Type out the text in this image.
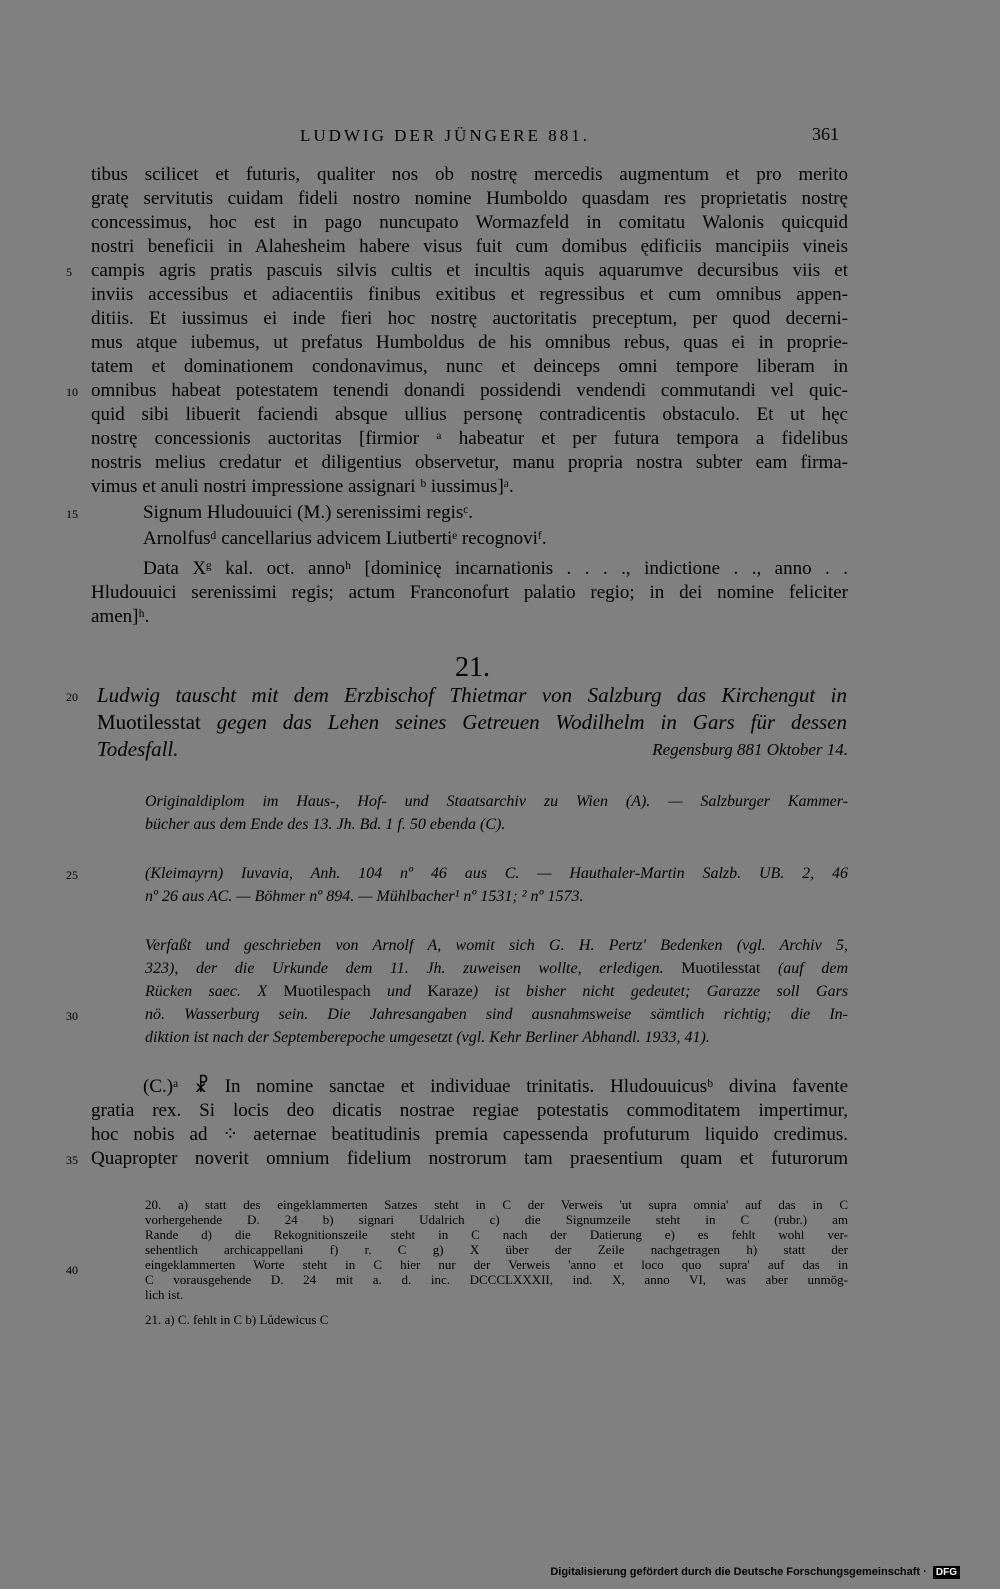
LUDWIG DER JÜNGERE 881.	361
tibus scilicet et futuris, qualiter nos ob nostrę mercedis augmentum et pro merito
gratę servitutis cuidam fideli nostro nomine Humboldo quasdam res proprietatis nostrę
concessimus, hoc est in pago nuncupato Wormazfeld in comitatu Walonis quicquid
nostri beneficii in Alahesheim habere visus fuit cum domibus ędificiis mancipiis vineis
campis agris pratis pascuis silvis cultis et incultis aquis aquarumve decursibus viis et
inviis accessibus et adiacentiis finibus exitibus et regressibus et cum omnibus appen-
ditiis. Et iussimus ei inde fieri hoc nostrę auctoritatis preceptum, per quod decerni-
mus atque iubemus, ut prefatus Humboldus de his omnibus rebus, quas ei in proprie-
tatem et dominationem condonavimus, nunc et deinceps omni tempore liberam in
omnibus habeat potestatem tenendi donandi possidendi vendendi commutandi vel quic-
quid sibi libuerit faciendi absque ullius personę contradicentis obstaculo. Et ut hęc
nostrę concessionis auctoritas [firmior ᵃ habeatur et per futura tempora a fidelibus
nostris melius credatur et diligentius observetur, manu propria nostra subter eam firma-
vimus et anuli nostri impressione assignari ᵇ iussimus]ᵃ.
Signum Hludouuici (M.) serenissimi regisᶜ.
Arnolfusᵈ cancellarius advicem Liutbertiᵉ recognoviᶠ.
Data Xᵍ kal. oct. annoʰ [dominicę incarnationis . . . ., indictione . ., anno . .
Hludouuici serenissimi regis; actum Franconofurt palatio regio; in dei nomine feliciter
amen]ʰ.
21.
Ludwig tauscht mit dem Erzbischof Thietmar von Salzburg das Kirchengut in
Muotilesstat gegen das Lehen seines Getreuen Wodilhelm in Gars für dessen
Todesfall.	Regensburg 881 Oktober 14.
Originaldiplom im Haus-, Hof- und Staatsarchiv zu Wien (A). — Salzburger Kammer-
bücher aus dem Ende des 13. Jh. Bd. 1 f. 50 ebenda (C).
(Kleimayrn) Iuvavia, Anh. 104 nº 46 aus C. — Hauthaler-Martin Salzb. UB. 2, 46
nº 26 aus AC. — Böhmer nº 894. — Mühlbacher¹ nº 1531; ² nº 1573.
Verfaßt und geschrieben von Arnolf A, womit sich G. H. Pertz' Bedenken (vgl. Archiv 5,
323), der die Urkunde dem 11. Jh. zuweisen wollte, erledigen. Muotilesstat (auf dem
Rücken saec. X Muotilespach und Karaze) ist bisher nicht gedeutet; Garazze soll Gars
nö. Wasserburg sein. Die Jahresangaben sind ausnahmsweise sämtlich richtig; die In-
diktion ist nach der Septemberepoche umgesetzt (vgl. Kehr Berliner Abhandl. 1933, 41).
(C.)ᵃ ☧ In nomine sanctae et individuae trinitatis. Hludouuicusᵇ divina favente
gratia rex. Si locis deo dicatis nostrae regiae potestatis commoditatem impertimur,
hoc nobis ad ⁘ aeternae beatitudinis premia capessenda profuturum liquido credimus.
Quapropter noverit omnium fidelium nostrorum tam praesentium quam et futurorum
20. a) statt des eingeklammerten Satzes steht in C der Verweis 'ut supra omnia' auf das in C
vorhergehende D. 24 b) signari Udalrich c) die Signumzeile steht in C (rubr.) am
Rande d) die Rekognitionszeile steht in C nach der Datierung e) es fehlt wohl ver-
sehentlich archicappellani f) r. C g) X über der Zeile nachgetragen h) statt der
eingeklammerten Worte steht in C hier nur der Verweis 'anno et loco quo supra' auf das in
C vorausgehende D. 24 mit a. d. inc. DCCCLXXXII, ind. X, anno VI, was aber unmög-
lich ist.
21. a) C. fehlt in C b) Lůdewicus C
5
10
15
20
25
30
35
40
Digitalisierung gefördert durch die Deutsche Forschungsgemeinschaft · DFG
